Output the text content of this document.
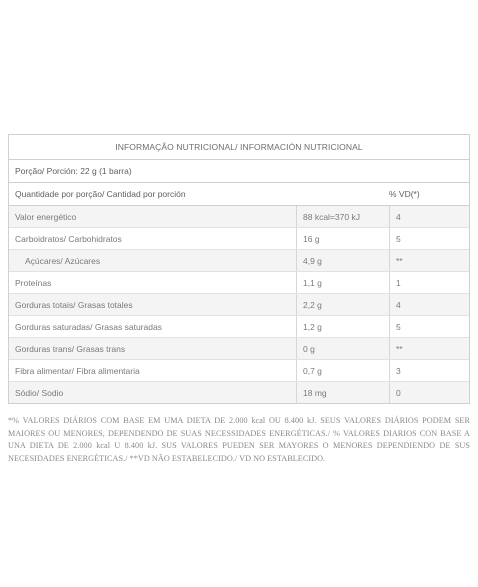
INFORMAÇÃO NUTRICIONAL/ INFORMACIÓN NUTRICIONAL
Porção/ Porción: 22 g (1 barra)
Quantidade por porção/ Cantidad por porción	% VD(*)
Valor energético	88 kcal=370 kJ	4
Carboidratos/ Carbohidratos	16 g	5
Açúcares/ Azúcares	4,9 g	**
Proteínas	1,1 g	1
Gorduras totais/ Grasas totales	2,2 g	4
Gorduras saturadas/ Grasas saturadas	1,2 g	5
Gorduras trans/ Grasas trans	0 g	**
Fibra alimentar/ Fibra alimentaria	0,7 g	3
Sódio/ Sodio	18 mg	0
*% VALORES DIÁRIOS COM BASE EM UMA DIETA DE 2.000 kcal OU 8.400 kJ. SEUS VALORES DIÁRIOS PODEM SER MAIORES OU MENORES, DEPENDENDO DE SUAS NECESSIDADES ENERGÉTICAS./ % VALORES DIARIOS CON BASE A UNA DIETA DE 2.000 kcal U 8.400 kJ. SUS VALORES PUEDEN SER MAYORES O MENORES DEPENDIENDO DE SUS NECESIDADES ENERGÉTICAS./ **VD NÃO ESTABELECIDO./ VD NO ESTABLECIDO.
